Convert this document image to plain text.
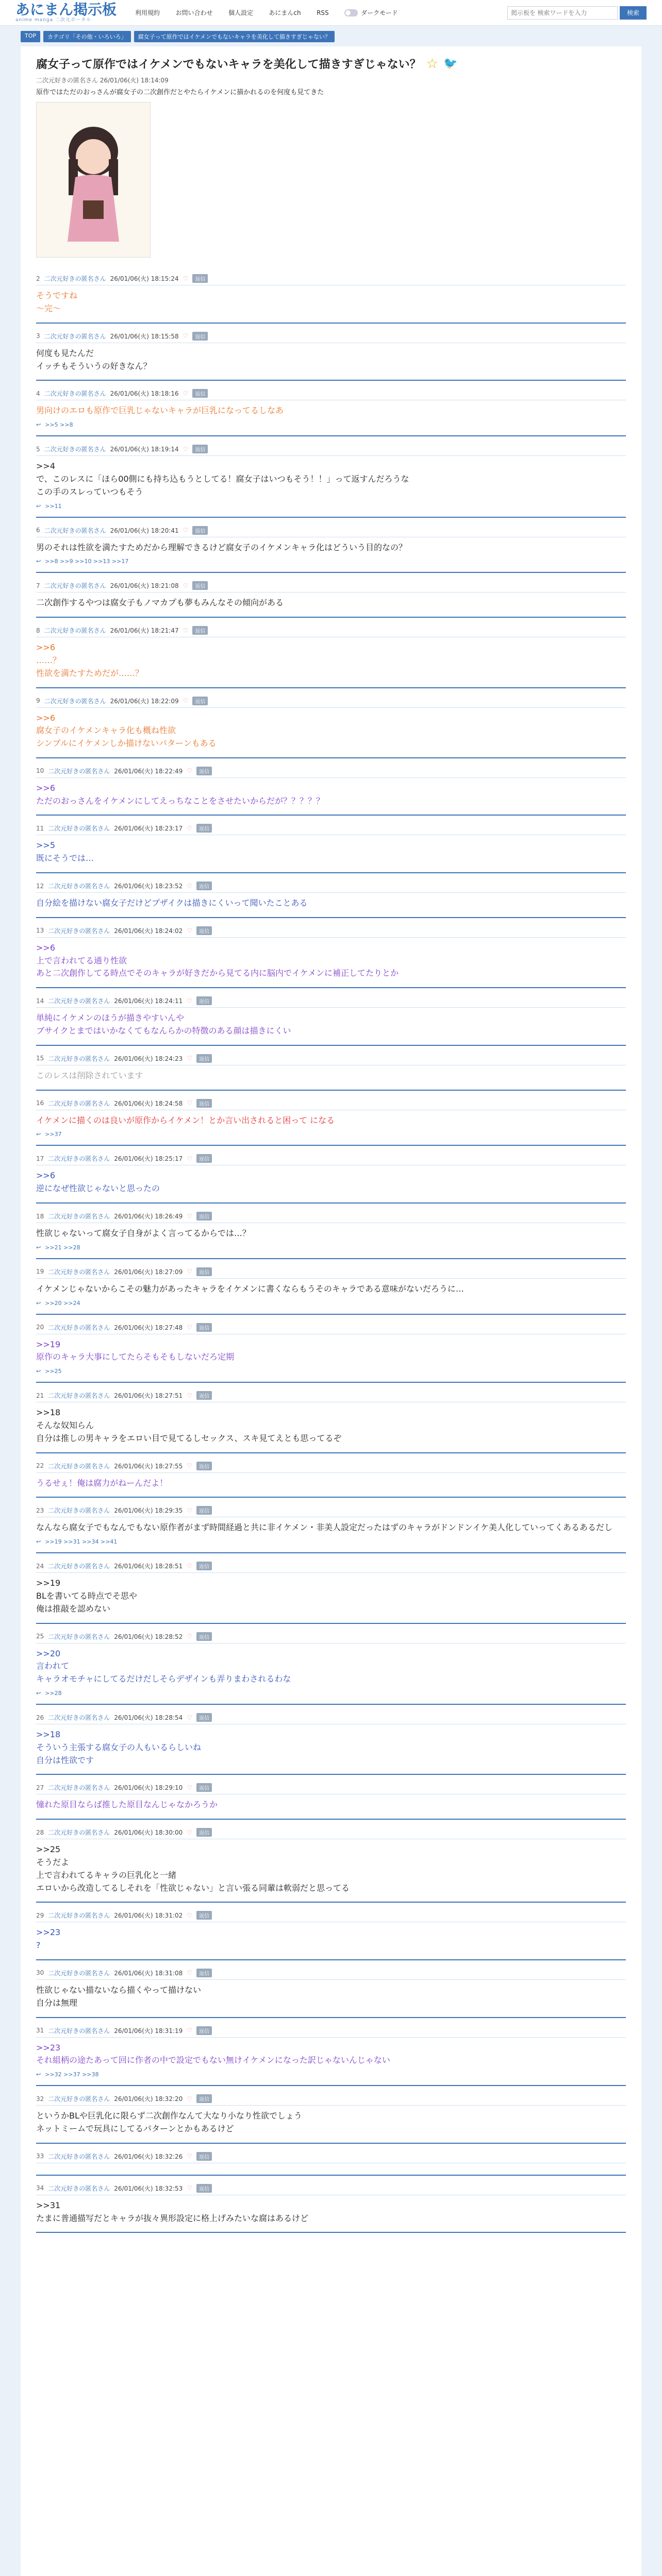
あにまん掲示板
anime manga 二次元ポータル
利用規約	お問い合わせ	個人設定	あにまんch	RSS	ダークモード
掲示板を 検索ワードを入力	検索
TOP	カテゴリ「その他・いろいろ」	腐女子って原作ではイケメンでもないキャラを美化して描きすぎじゃない？
腐女子って原作ではイケメンでもないキャラを美化して描きすぎじゃない？ ☆ 🐦
二次元好きの匿名さん 26/01/06(火) 18:14:09
原作ではただのおっさんが腐女子の二次創作だとやたらイケメンに描かれるのを何度も見てきた
2 二次元好きの匿名さん 26/01/06(火) 18:15:24 ♡	返信
そうですね
〜完〜
3 二次元好きの匿名さん 26/01/06(火) 18:15:58 ♡	返信
何度も見たんだ
イッチもそういうの好きなん？
4 二次元好きの匿名さん 26/01/06(火) 18:18:16 ♡	返信
男向けのエロも原作で巨乳じゃないキャラが巨乳になってるしなあ
↩ >>5 >>8
5 二次元好きの匿名さん 26/01/06(火) 18:19:14 ♡	返信
>>4
で、このレスに「ほら00側にも持ち込もうとしてる！腐女子はいつもそう！！」って返すんだろうな
この手のスレっていつもそう
↩ >>11
6 二次元好きの匿名さん 26/01/06(火) 18:20:41 ♡	返信
男のそれは性欲を満たすためだから理解できるけど腐女子のイケメンキャラ化はどういう目的なの？
↩ >>8 >>9 >>10 >>13 >>17
7 二次元好きの匿名さん 26/01/06(火) 18:21:08 ♡	返信
二次創作するやつは腐女子もノマカプも夢もみんなその傾向がある
8 二次元好きの匿名さん 26/01/06(火) 18:21:47 ♡	返信
>>6
……？
性欲を満たすためだが……？
9 二次元好きの匿名さん 26/01/06(火) 18:22:09 ♡	返信
>>6
腐女子のイケメンキャラ化も概ね性欲
シンプルにイケメンしか描けないパターンもある
10 二次元好きの匿名さん 26/01/06(火) 18:22:49 ♡	返信
>>6
ただのおっさんをイケメンにしてえっちなことをさせたいからだが？？？？？
11 二次元好きの匿名さん 26/01/06(火) 18:23:17 ♡	返信
>>5
既にそうでは…
12 二次元好きの匿名さん 26/01/06(火) 18:23:52 ♡	返信
自分絵を描けない腐女子だけどプザイクは描きにくいって聞いたことある
13 二次元好きの匿名さん 26/01/06(火) 18:24:02 ♡	返信
>>6
上で言われてる通り性欲
あと二次創作してる時点でそのキャラが好きだから見てる内に脳内でイケメンに補正してたりとか
14 二次元好きの匿名さん 26/01/06(火) 18:24:11 ♡	返信
単純にイケメンのほうが描きやすいんや
ブサイクとまではいかなくてもなんらかの特徴のある顔は描きにくい
15 二次元好きの匿名さん 26/01/06(火) 18:24:23 ♡	返信
このレスは削除されています
16 二次元好きの匿名さん 26/01/06(火) 18:24:58 ♡	返信
イケメンに描くのは良いが原作からイケメン！とか言い出されると困って になる
↩ >>37
17 二次元好きの匿名さん 26/01/06(火) 18:25:17 ♡	返信
>>6
逆になぜ性欲じゃないと思ったの
18 二次元好きの匿名さん 26/01/06(火) 18:26:49 ♡	返信
性欲じゃないって腐女子自身がよく言ってるからでは…？
↩ >>21 >>28
19 二次元好きの匿名さん 26/01/06(火) 18:27:09 ♡	返信
イケメンじゃないからこその魅力があったキャラをイケメンに書くならもうそのキャラである意味がないだろうに…
↩ >>20 >>24
20 二次元好きの匿名さん 26/01/06(火) 18:27:48 ♡	返信
>>19
原作のキャラ大事にしてたらそもそもしないだろ定期
↩ >>25
21 二次元好きの匿名さん 26/01/06(火) 18:27:51 ♡	返信
>>18
そんな奴知らん
自分は推しの男キャラをエロい目で見てるしセックス、スキ見てえとも思ってるぞ
22 二次元好きの匿名さん 26/01/06(火) 18:27:55 ♡	返信
うるせぇ！俺は腐力がねーんだよ！
23 二次元好きの匿名さん 26/01/06(火) 18:29:35 ♡	返信
なんなら腐女子でもなんでもない原作者がまず時間経過と共に非イケメン・非美人設定だったはずのキャラがドンドンイケ美人化していってくあるあるだし
↩ >>19 >>31 >>34 >>41
24 二次元好きの匿名さん 26/01/06(火) 18:28:51 ♡	返信
>>19
BLを書いてる時点でそ思や
俺は推敲を認めない
25 二次元好きの匿名さん 26/01/06(火) 18:28:52 ♡	返信
>>20
言われて
キャラオモチャにしてるだけだしそらデザインも弄りまわされるわな
↩ >>28
26 二次元好きの匿名さん 26/01/06(火) 18:28:54 ♡	返信
>>18
そういう主張する腐女子の人もいるらしいね
自分は性欲です
27 二次元好きの匿名さん 26/01/06(火) 18:29:10 ♡	返信
憧れた原目ならば推した原目なんじゃなかろうか
28 二次元好きの匿名さん 26/01/06(火) 18:30:00 ♡	返信
>>25
そうだよ
上で言われてるキャラの巨乳化と一緒
エロいから改造してるしそれを「性欲じゃない」と言い張る同輩は軟弱だと思ってる
29 二次元好きの匿名さん 26/01/06(火) 18:31:02 ♡	返信
>>23
?
30 二次元好きの匿名さん 26/01/06(火) 18:31:08 ♡	返信
性欲じゃない描ないなら描くやって描けない
自分は無理
31 二次元好きの匿名さん 26/01/06(火) 18:31:19 ♡	返信
>>23
それ組柄の途たあって回に作者の中で設定でもない無けイケメンになった訳じゃないんじゃない
↩ >>32 >>37 >>38
32 二次元好きの匿名さん 26/01/06(火) 18:32:20 ♡	返信
というかBLや巨乳化に限らず二次創作なんて大なり小なり性欲でしょう
ネットミームで玩具にしてるパターンとかもあるけど
33 二次元好きの匿名さん 26/01/06(火) 18:32:26 ♡	返信
34 二次元好きの匿名さん 26/01/06(火) 18:32:53 ♡	返信
>>31
たまに普通描写だとキャラが抜々異形設定に格上げみたいな腐はあるけど
